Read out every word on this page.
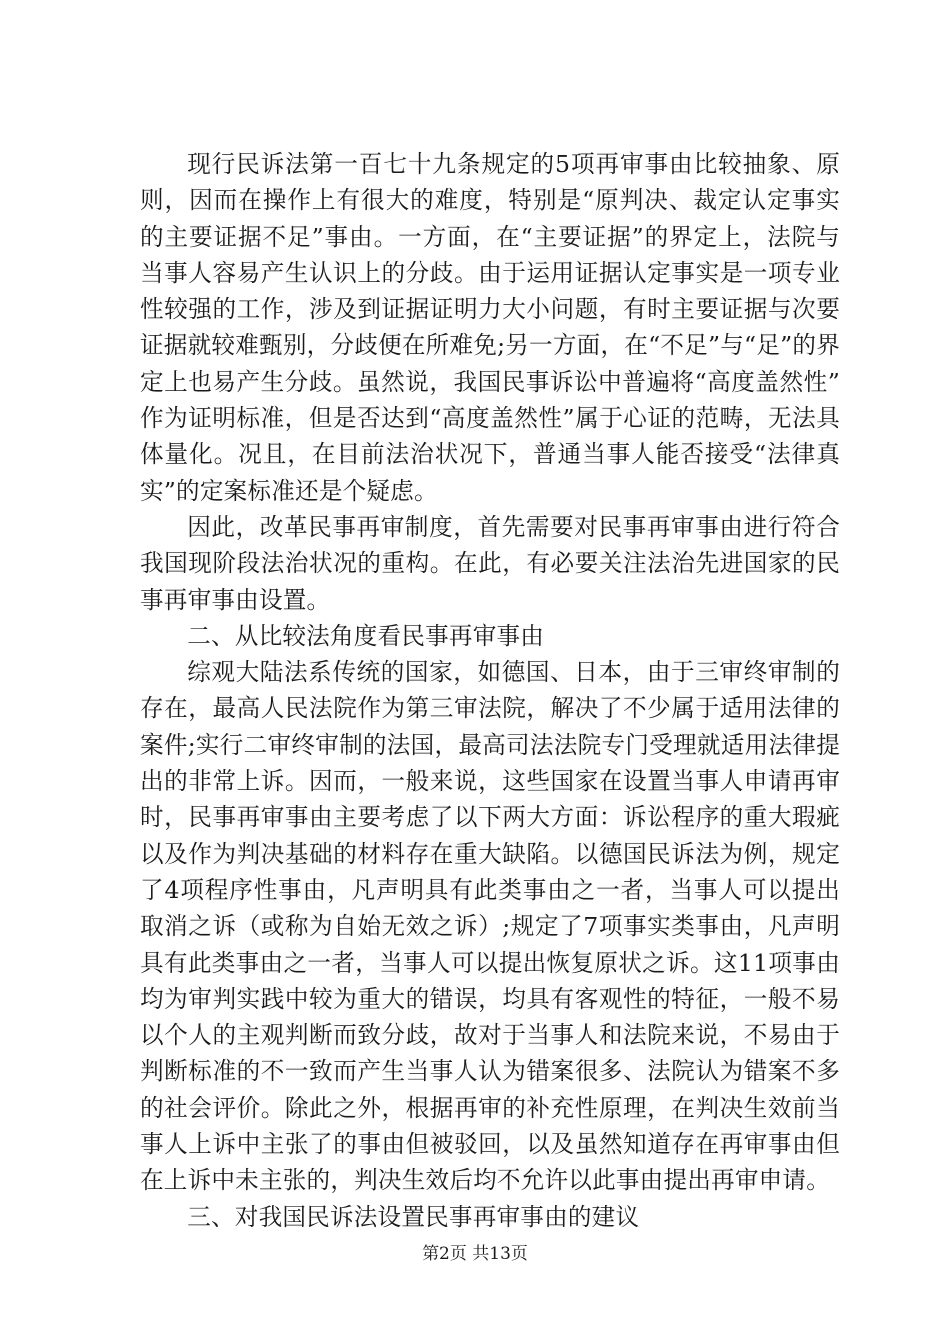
现行民诉法第一百七十九条规定的5项再审事由比较抽象、原则，因而在操作上有很大的难度，特别是“原判决、裁定认定事实的主要证据不足”事由。一方面，在“主要证据”的界定上，法院与当事人容易产生认识上的分歧。由于运用证据认定事实是一项专业性较强的工作，涉及到证据证明力大小问题，有时主要证据与次要证据就较难甄别，分歧便在所难免;另一方面，在“不足”与“足”的界定上也易产生分歧。虽然说，我国民事诉讼中普遍将“高度盖然性”作为证明标准，但是否达到“高度盖然性”属于心证的范畴，无法具体量化。况且，在目前法治状况下，普通当事人能否接受“法律真实”的定案标准还是个疑虑。

因此，改革民事再审制度，首先需要对民事再审事由进行符合我国现阶段法治状况的重构。在此，有必要关注法治先进国家的民事再审事由设置。

二、从比较法角度看民事再审事由

综观大陆法系传统的国家，如德国、日本，由于三审终审制的存在，最高人民法院作为第三审法院，解决了不少属于适用法律的案件;实行二审终审制的法国，最高司法法院专门受理就适用法律提出的非常上诉。因而，一般来说，这些国家在设置当事人申请再审时，民事再审事由主要考虑了以下两大方面：诉讼程序的重大瑕疵以及作为判决基础的材料存在重大缺陷。以德国民诉法为例，规定了4项程序性事由，凡声明具有此类事由之一者，当事人可以提出取消之诉（或称为自始无效之诉）;规定了7项事实类事由，凡声明具有此类事由之一者，当事人可以提出恢复原状之诉。这11项事由均为审判实践中较为重大的错误，均具有客观性的特征，一般不易以个人的主观判断而致分歧，故对于当事人和法院来说，不易由于判断标准的不一致而产生当事人认为错案很多、法院认为错案不多的社会评价。除此之外，根据再审的补充性原理，在判决生效前当事人上诉中主张了的事由但被驳回，以及虽然知道存在再审事由但在上诉中未主张的，判决生效后均不允许以此事由提出再审申请。

三、对我国民诉法设置民事再审事由的建议

第2页 共13页
